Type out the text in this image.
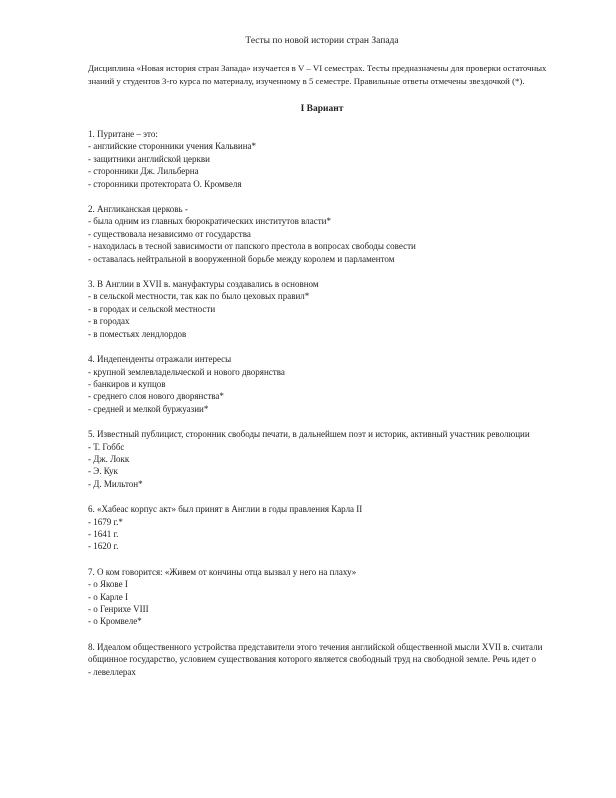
Тесты по новой истории стран Запада
Дисциплина «Новая история стран Запада» изучается в V – VI семестрах. Тесты предназначены для проверки остаточных знаний у студентов 3-го курса по материалу, изученному в 5 семестре. Правильные ответы отмечены звездочкой (*).
I Вариант
1. Пуритане – это:
- английские сторонники учения Кальвина*
- защитники английской церкви
- сторонники Дж. Лильберна
- сторонники протектората О. Кромвеля
2. Англиканская церковь -
- была одним из главных бюрократических институтов власти*
- существовала независимо от государства
- находилась в тесной зависимости от папского престола в вопросах свободы совести
- оставалась нейтральной в вооруженной борьбе между королем и парламентом
3. В Англии в XVII в. мануфактуры создавались в основном
- в сельской местности, так как по было цеховых правил*
- в городах и сельской местности
- в городах
- в поместьях лендлордов
4. Индепенденты отражали интересы
- крупной землевладельческой и нового дворянства
- банкиров и купцов
- среднего слоя нового дворянства*
- средней и мелкой буржуазии*
5. Известный публицист, сторонник свободы печати, в дальнейшем поэт и историк, активный участник революции
- Т. Гоббс
- Дж. Локк
- Э. Кук
- Д. Мильтон*
6. «Хабеас корпус акт» был принят в Англии в годы правления Карла II
- 1679 г.*
- 1641 г.
- 1620 г.
7. О ком говорится: «Живем от кончины отца вызвал у него на плаху»
- о Якове I
- о Карле I
- о Генрихе VIII
- о Кромвеле*
8. Идеалом общественного устройства представители этого течения английской общественной мысли XVII в. считали общинное государство, условием существования которого является свободный труд на свободной земле. Речь идет о
- левеллерах
